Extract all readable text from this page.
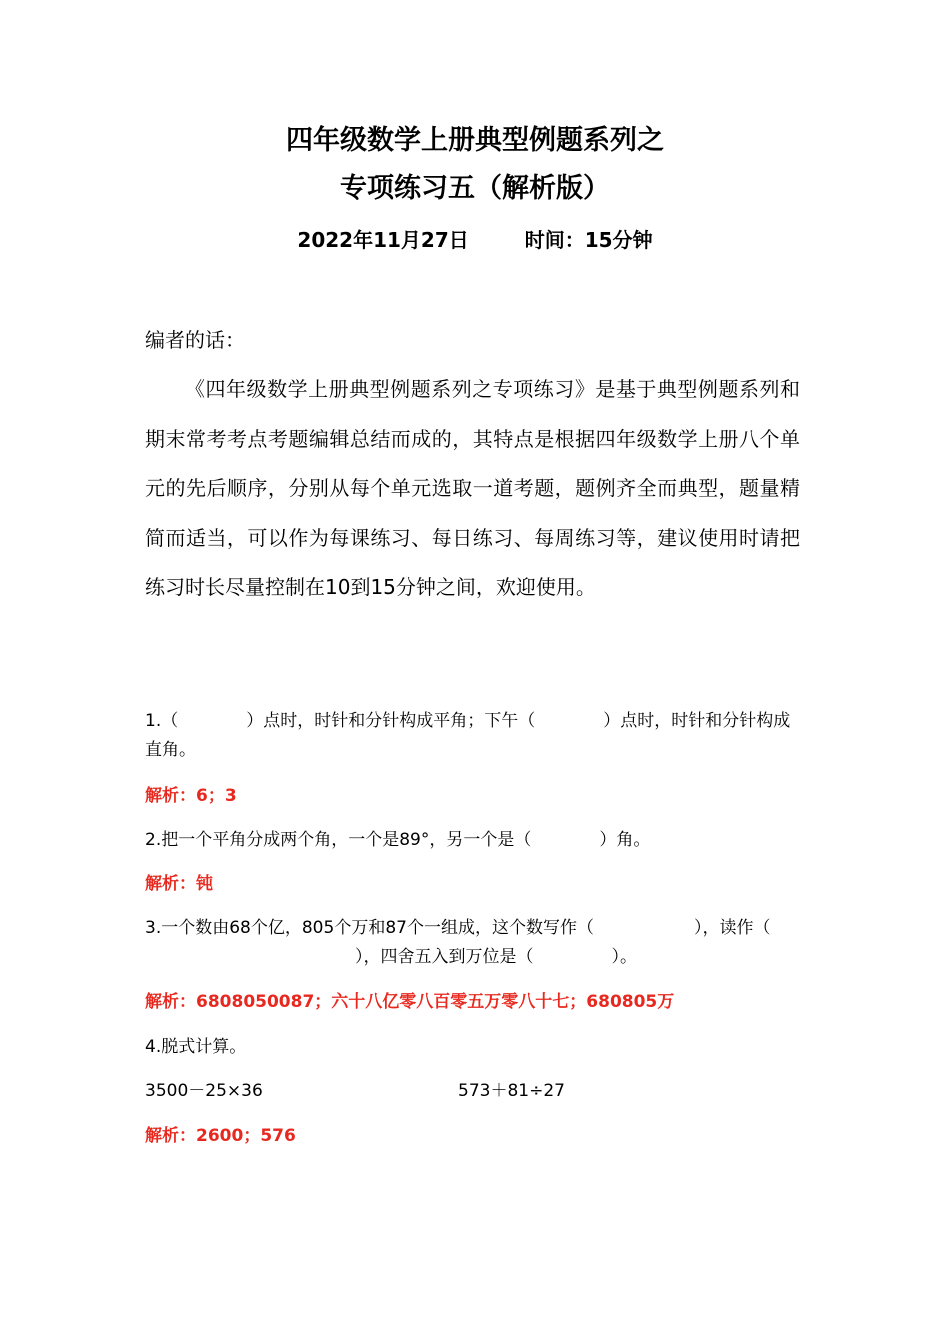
四年级数学上册典型例题系列之
专项练习五（解析版）
2022年11月27日	时间：15分钟
编者的话：

《四年级数学上册典型例题系列之专项练习》是基于典型例题系列和期末常考考点考题编辑总结而成的，其特点是根据四年级数学上册八个单元的先后顺序，分别从每个单元选取一道考题，题例齐全而典型，题量精简而适当，可以作为每课练习、每日练习、每周练习等，建议使用时请把练习时长尽量控制在10到15分钟之间，欢迎使用。

1.（	）点时，时针和分针构成平角；下午（	）点时，时针和分针构成直角。

解析：6；3

2.把一个平角分成两个角，一个是89°，另一个是（	）角。

解析：钝

3.一个数由68个亿，805个万和87个一组成，这个数写作（	），读作（），四舍五入到万位是（	）。

解析：6808050087；六十八亿零八百零五万零八十七；680805万

4.脱式计算。

3500－25×36	573＋81÷27

解析：2600；576
